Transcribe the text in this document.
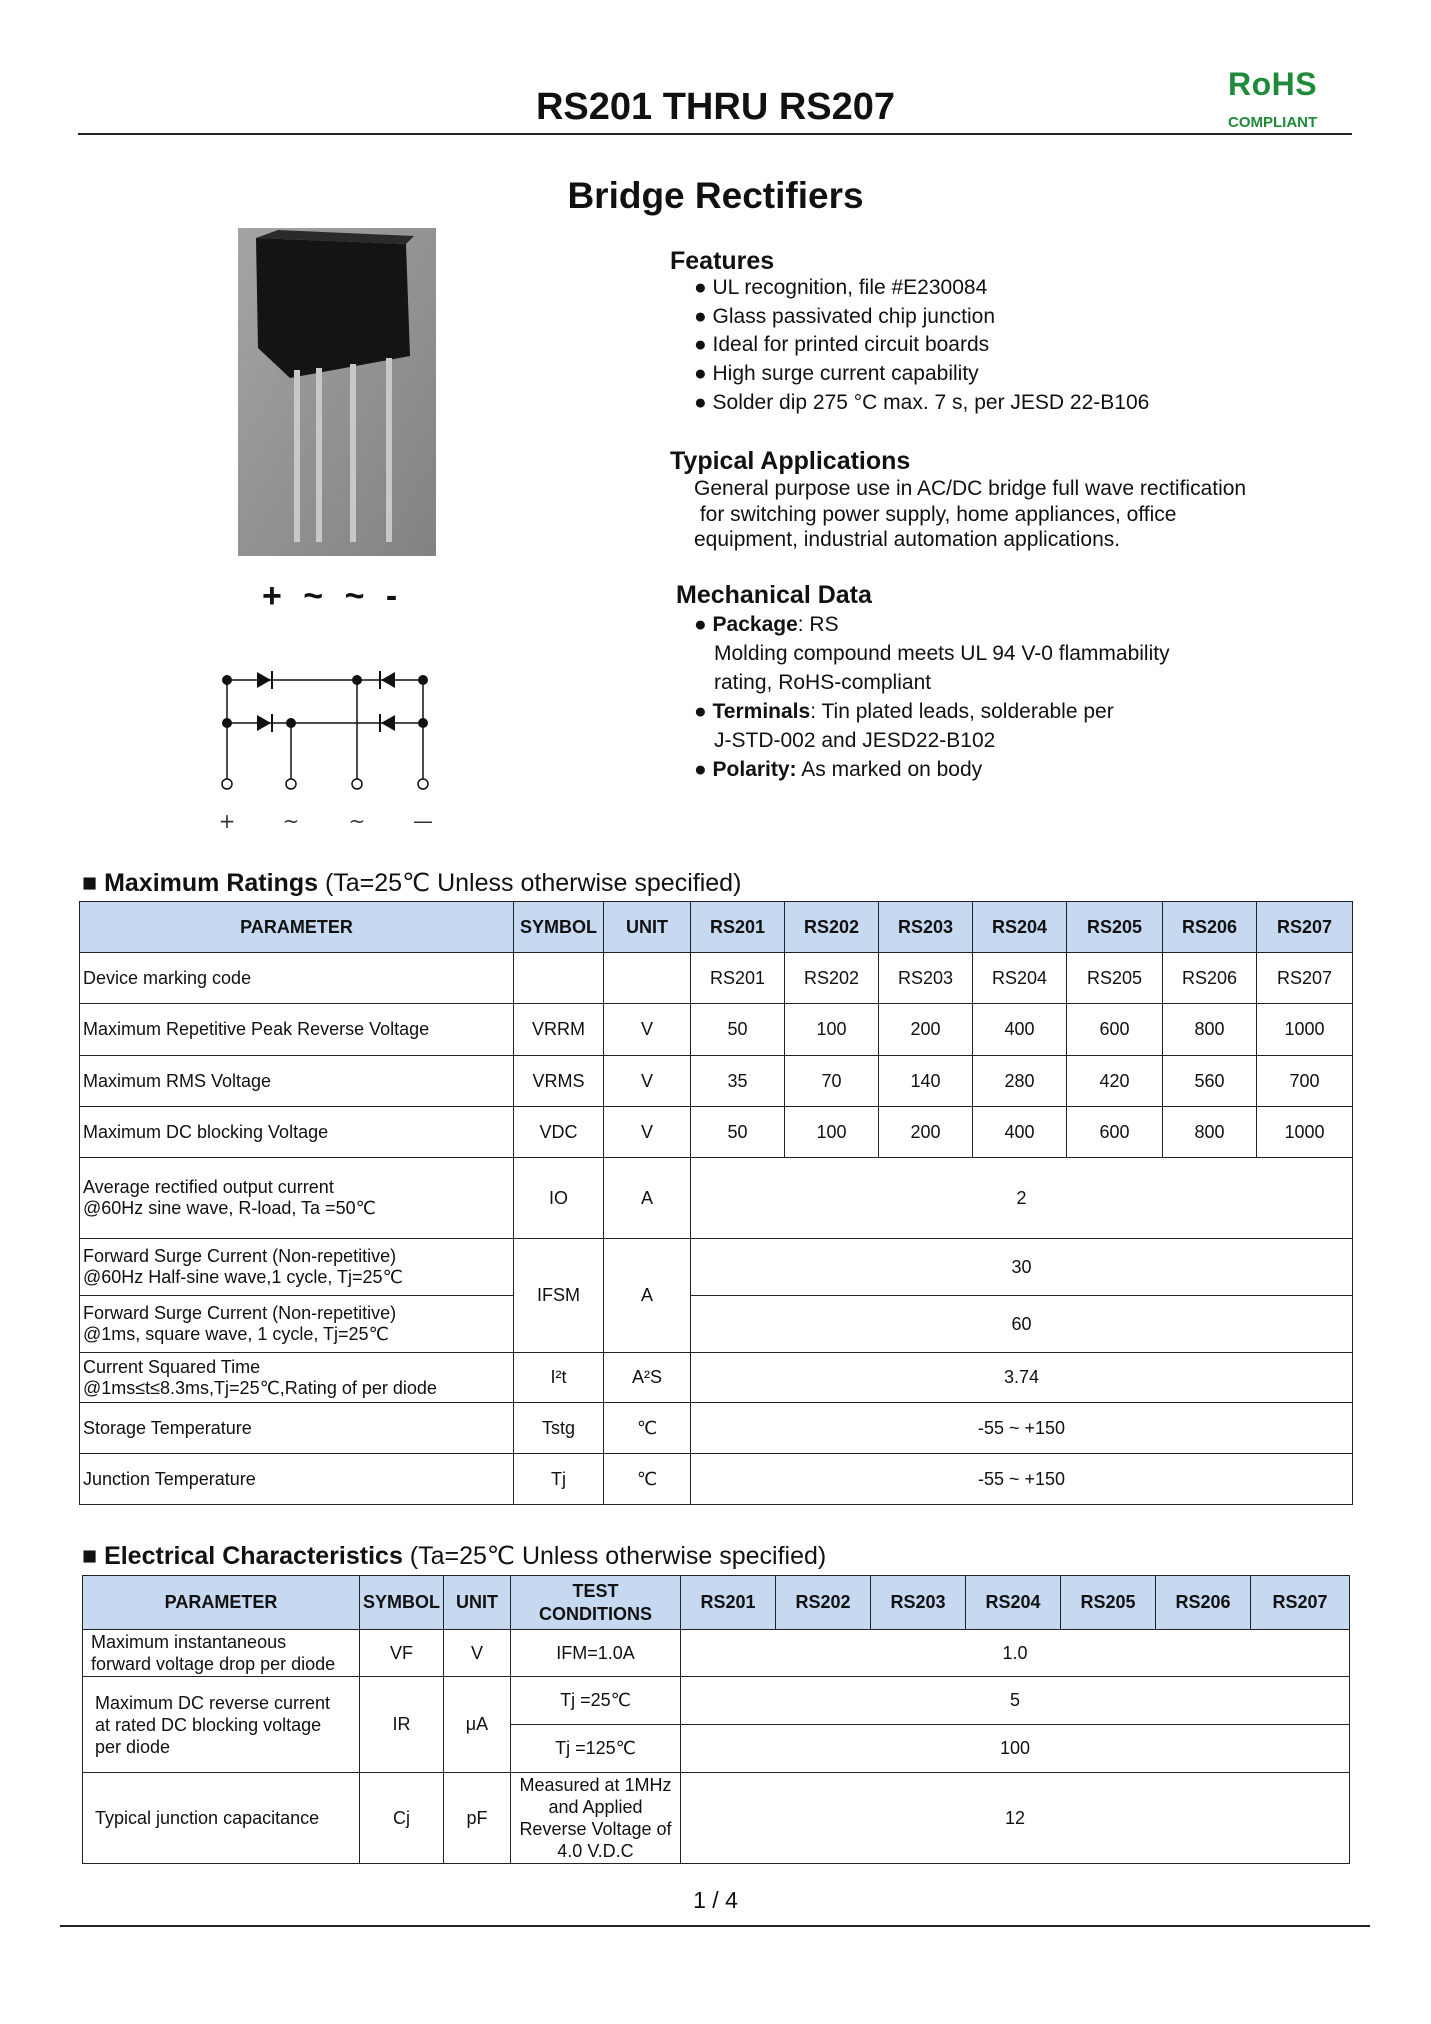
RS201 THRU RS207
RoHS
COMPLIANT
Bridge Rectifiers
+ ~ ~ -
+ ~ ~ —
Features
● UL recognition, file #E230084
● Glass passivated chip junction
● Ideal for printed circuit boards
● High surge current capability
● Solder dip 275 °C max. 7 s, per JESD 22-B106
Typical Applications
General purpose use in AC/DC bridge full wave rectification
for switching power supply, home appliances, office
equipment, industrial automation applications.
Mechanical Data
● Package: RS
Molding compound meets UL 94 V-0 flammability
rating, RoHS-compliant
● Terminals: Tin plated leads, solderable per
J-STD-002 and JESD22-B102
● Polarity: As marked on body
■ Maximum Ratings (Ta=25℃ Unless otherwise specified)
PARAMETER	SYMBOL	UNIT	RS201	RS202	RS203	RS204	RS205	RS206	RS207
Device marking code			RS201	RS202	RS203	RS204	RS205	RS206	RS207
Maximum Repetitive Peak Reverse Voltage	VRRM	V	50	100	200	400	600	800	1000
Maximum RMS Voltage	VRMS	V	35	70	140	280	420	560	700
Maximum DC blocking Voltage	VDC	V	50	100	200	400	600	800	1000

Average rectified output current
@60Hz sine wave, R-load, Ta =50℃	IO	A	2						

Forward Surge Current (Non-repetitive)
@60Hz Half-sine wave,1 cycle, Tj=25℃	IFSM	A	30						

Forward Surge Current (Non-repetitive)
@1ms, square wave, 1 cycle, Tj=25℃			60						

Current Squared Time
@1ms≤t≤8.3ms,Tj=25℃,Rating of per diode	I²t	A²S	3.74						
Storage Temperature	Tstg	℃	-55 ~ +150						
Junction Temperature	Tj	℃	-55 ~ +150						
■ Electrical Characteristics (Ta=25℃ Unless otherwise specified)
PARAMETER	SYMBOL	UNIT	TEST CONDITIONS	RS201	RS202	RS203	RS204	RS205	RS206	RS207

Maximum instantaneous
forward voltage drop per diode	VF	V	IFM=1.0A	1.0						

Maximum DC reverse current
at rated DC blocking voltage
per diode	IR	μA	Tj =25℃	5						
			Tj =125℃	100						
Typical junction capacitance	Cj	pF	Measured at 1MHz
and Applied
Reverse Voltage of
4.0 V.D.C	12						
1 / 4
